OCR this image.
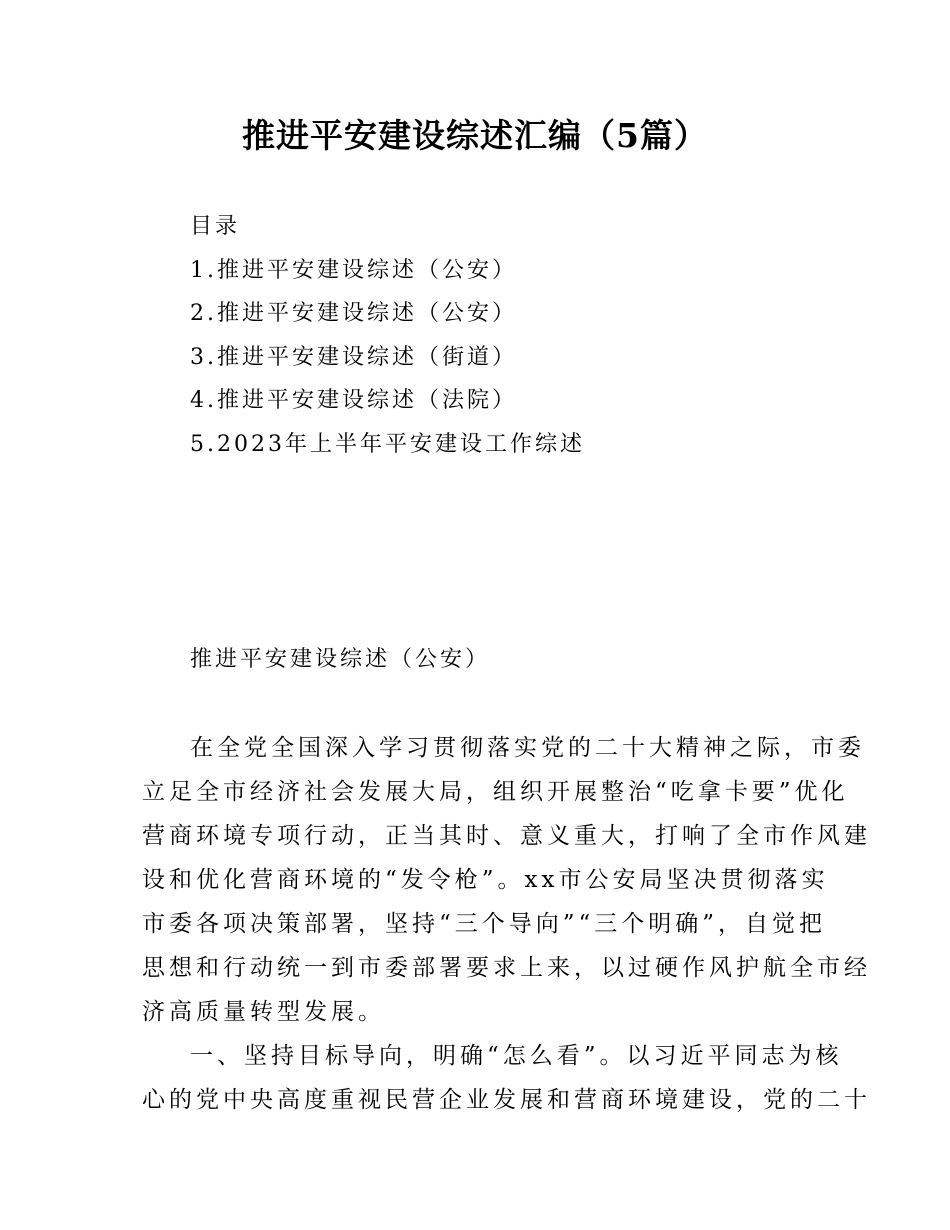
推进平安建设综述汇编（5篇）
目录
1.推进平安建设综述（公安）
2.推进平安建设综述（公安）
3.推进平安建设综述（街道）
4.推进平安建设综述（法院）
5.2023年上半年平安建设工作综述
推进平安建设综述（公安）
在全党全国深入学习贯彻落实党的二十大精神之际，市委
立足全市经济社会发展大局，组织开展整治“吃拿卡要”优化
营商环境专项行动，正当其时、意义重大，打响了全市作风建
设和优化营商环境的“发令枪”。xx市公安局坚决贯彻落实
市委各项决策部署，坚持“三个导向”“三个明确”，自觉把
思想和行动统一到市委部署要求上来，以过硬作风护航全市经
济高质量转型发展。
一、坚持目标导向，明确“怎么看”。以习近平同志为核
心的党中央高度重视民营企业发展和营商环境建设，党的二十
